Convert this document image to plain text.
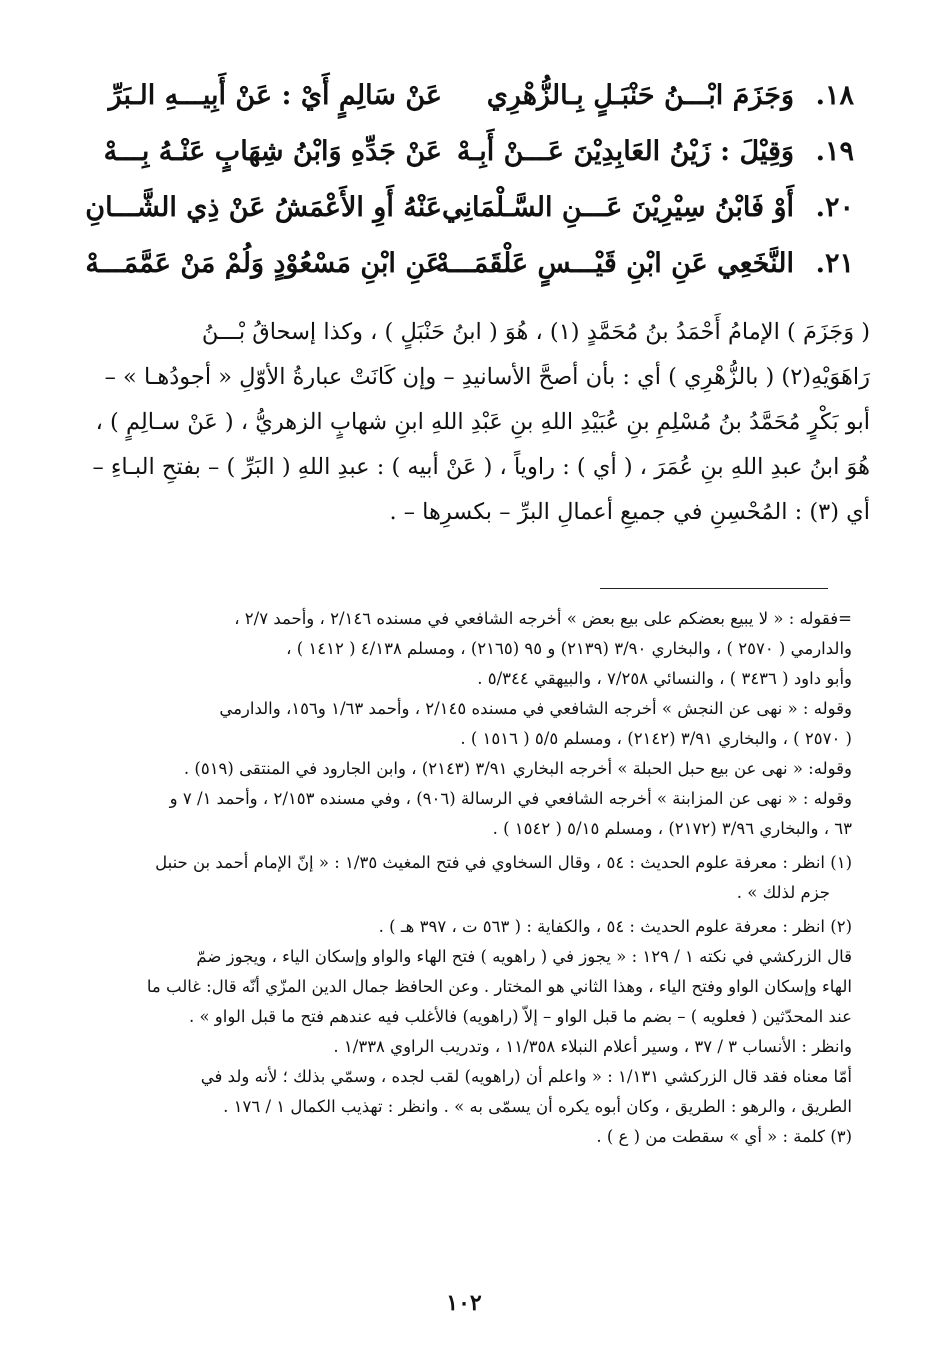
١٨.
وَجَزَمَ ابْـــنُ حَنْبَـلٍ بِـالزُّهْرِي
عَنْ سَالِمٍ أَيْ : عَنْ أَبِيـــهِ الـبَرِّ
١٩.
وَقِيْلَ : زَيْنُ العَابِدِيْنَ عَـــنْ أَبِـهْ
عَنْ جَدِّهِ وَابْنُ شِهَابٍ عَنْـهُ بِـــهْ
٢٠.
أَوْ فَابْنُ سِيْرِيْنَ عَـــنِ السَّـلْمَانِي
عَنْهُ أَوِ الأَعْمَشُ عَنْ ذِي الشَّـــانِ
٢١.
النَّخَعِي عَنِ ابْنِ قَيْـــسٍ عَلْقَمَـــهْ
عَنِ ابْنِ مَسْعُوْدٍ وَلُمْ مَنْ عَمَّمَـــهْ

( وَجَزَمَ ) الإمامُ أَحْمَدُ بنُ مُحَمَّدٍ (١) ، هُوَ ( ابنُ حَنْبَلٍ ) ، وكذا إسحاقُ بْـــنُ

رَاهَوَيْهِ(٢) ( بالزُّهْرِي ) أي : بأن أصحَّ الأسانيدِ – وإن كَانَتْ عبارةُ الأوّلِ « أجودُهـا » –

أبو بَكْرٍ مُحَمَّدُ بنُ مُسْلِمِ بنِ عُبَيْدِ اللهِ بنِ عَبْدِ اللهِ ابنِ شهابٍ الزهريُّ ، ( عَنْ سـالِمٍ ) ،

هُوَ ابنُ عبدِ اللهِ بنِ عُمَرَ ، ( أي ) : راوياً ، ( عَنْ أبيه ) : عبدِ اللهِ ( البَرِّ ) – بفتحِ البـاءِ –

أي (٣) : المُحْسِنِ في جميعِ أعمالِ البرِّ – بكسرِها – .

=فقوله : « لا يبيع بعضكم على بيع بعض » أخرجه الشافعي في مسنده ٢/١٤٦ ، وأحمد ٢/٧ ،

والدارمي ( ٢٥٧٠ ) ، والبخاري ٣/٩٠ (٢١٣٩) و ٩٥ (٢١٦٥) ، ومسلم ٤/١٣٨ ( ١٤١٢ ) ،

وأبو داود ( ٣٤٣٦ ) ، والنسائي ٧/٢٥٨ ، والبيهقي ٥/٣٤٤ .

وقوله : « نهى عن النجش » أخرجه الشافعي في مسنده ٢/١٤٥ ، وأحمد ١/٦٣ و١٥٦، والدارمي

( ٢٥٧٠ ) ، والبخاري ٣/٩١ (٢١٤٢) ، ومسلم ٥/٥ ( ١٥١٦ ) .

وقوله: « نهى عن بيع حبل الحبلة » أخرجه البخاري ٣/٩١ (٢١٤٣) ، وابن الجارود في المنتقى (٥١٩) .

وقوله : « نهى عن المزابنة » أخرجه الشافعي في الرسالة (٩٠٦) ، وفي مسنده ٢/١٥٣ ، وأحمد ١/ ٧ و

٦٣ ، والبخاري ٣/٩٦ (٢١٧٢) ، ومسلم ٥/١٥ ( ١٥٤٢ ) .

(١) انظر : معرفة علوم الحديث : ٥٤ ، وقال السخاوي في فتح المغيث ١/٣٥ : « إنّ الإمام أحمد بن حنبل

جزم لذلك » .

(٢) انظر : معرفة علوم الحديث : ٥٤ ، والكفاية : ( ٥٦٣ ت ، ٣٩٧ هـ ) .

قال الزركشي في نكته ١ / ١٢٩ : « يجوز في ( راهويه ) فتح الهاء والواو وإسكان الياء ، ويجوز ضمّ

الهاء وإسكان الواو وفتح الياء ، وهذا الثاني هو المختار . وعن الحافظ جمال الدين المزّي أنّه قال: غالب ما

عند المحدّثين ( فعلويه ) – بضم ما قبل الواو – إلاّ (راهويه) فالأغلب فيه عندهم فتح ما قبل الواو » .

وانظر : الأنساب ٣ / ٣٧ ، وسير أعلام النبلاء ١١/٣٥٨ ، وتدريب الراوي ١/٣٣٨ .

أمّا معناه فقد قال الزركشي ١/١٣١ : « واعلم أن (راهويه) لقب لجده ، وسمّي بذلك ؛ لأنه ولد في

الطريق ، والرهو : الطريق ، وكان أبوه يكره أن يسمّى به » . وانظر : تهذيب الكمال ١ / ١٧٦ .

(٣) كلمة : « أي » سقطت من ( ع ) .

١٠٢
